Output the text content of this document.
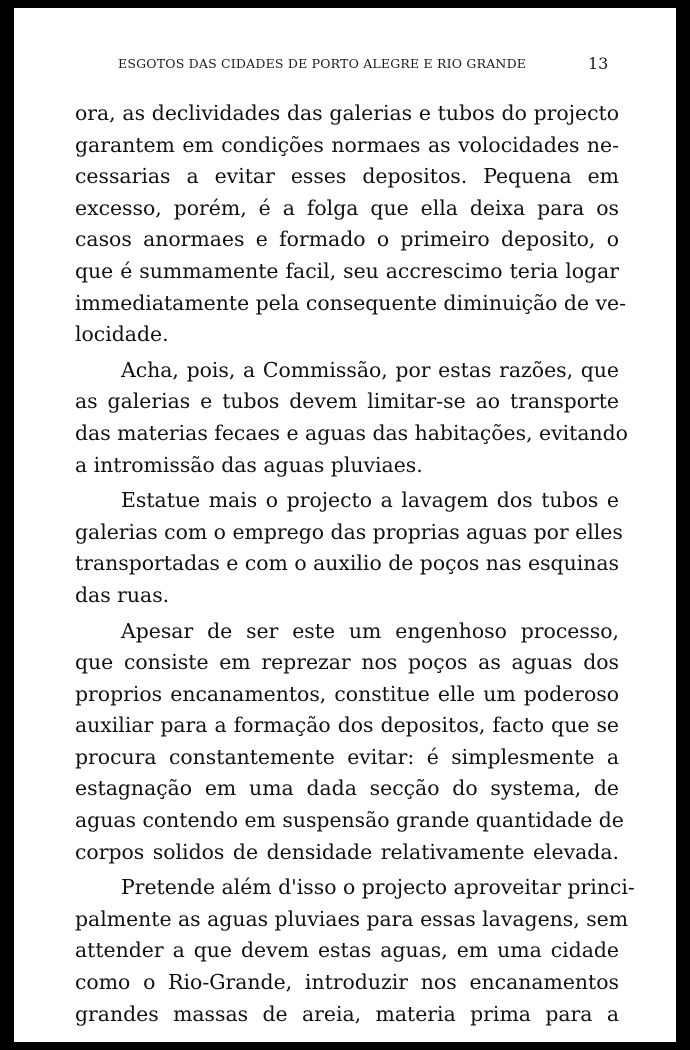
ESGOTOS DAS CIDADES DE PORTO ALEGRE E RIO GRANDE	13
ora, as declividades das galerias e tubos do projecto
garantem em condições normaes as volocidades ne-
cessarias a evitar esses depositos. Pequena em
excesso, porém, é a folga que ella deixa para os
casos anormaes e formado o primeiro deposito, o
que é summamente facil, seu accrescimo teria logar
immediatamente pela consequente diminuição de ve-
locidade.
Acha, pois, a Commissão, por estas razões, que
as galerias e tubos devem limitar-se ao transporte
das materias fecaes e aguas das habitações, evitando
a intromissão das aguas pluviaes.
Estatue mais o projecto a lavagem dos tubos e
galerias com o emprego das proprias aguas por elles
transportadas e com o auxilio de poços nas esquinas
das ruas.
Apesar de ser este um engenhoso processo,
que consiste em reprezar nos poços as aguas dos
proprios encanamentos, constitue elle um poderoso
auxiliar para a formação dos depositos, facto que se
procura constantemente evitar: é simplesmente a
estagnação em uma dada secção do systema, de
aguas contendo em suspensão grande quantidade de
corpos solidos de densidade relativamente elevada.
Pretende além d'isso o projecto aproveitar princi-
palmente as aguas pluviaes para essas lavagens, sem
attender a que devem estas aguas, em uma cidade
como o Rio-Grande, introduzir nos encanamentos
grandes massas de areia, materia prima para a
